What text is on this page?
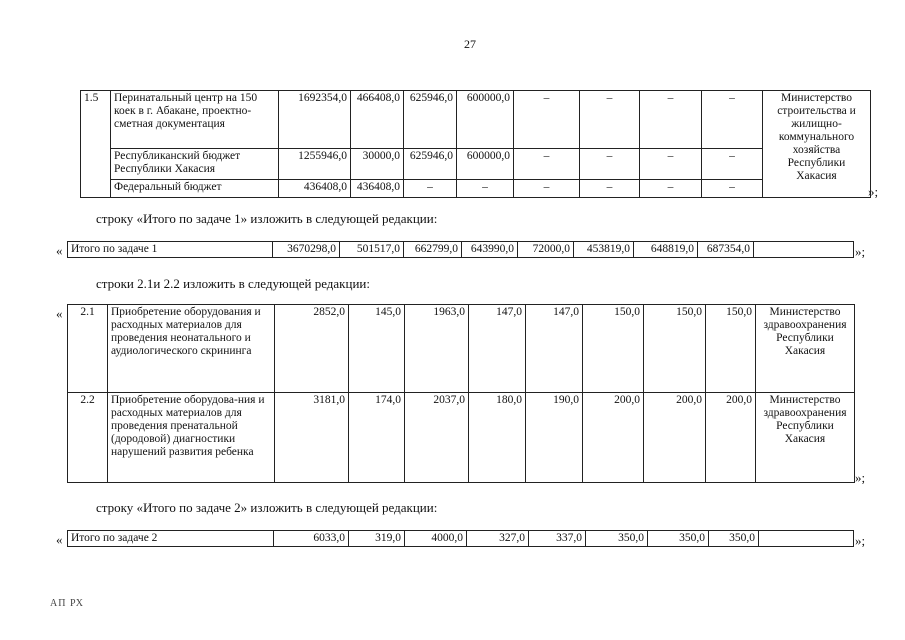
27
1.5	Перинатальный центр на 150 коек в г. Абакане, проектно-сметная документация	1692354,0	466408,0	625946,0	600000,0	–	–	–	–	Министерство строительства и жилищно-коммунального хозяйства Республики Хакасия
	Республиканский бюджет Республики Хакасия	1255946,0	30000,0	625946,0	600000,0	–	–	–	–	
	Федеральный бюджет	436408,0	436408,0	–	–	–	–	–	–		»;
строку «Итого по задаче 1» изложить в следующей редакции:
« Итого по задаче 1	3670298,0	501517,0	662799,0	643990,0	72000,0	453819,0	648819,0	687354,0		»;
строки 2.1и 2.2 изложить в следующей редакции:
« 2.1	Приобретение оборудования и расходных материалов для проведения неонатального и аудиологического скрининга	2852,0	145,0	1963,0	147,0	147,0	150,0	150,0	150,0	Министерство здравоохранения Республики Хакасия
2.2	Приобретение оборудова-ния и расходных материалов для проведения пренатальной (дородовой) диагностики нарушений развития ребенка	3181,0	174,0	2037,0	180,0	190,0	200,0	200,0	200,0	Министерство здравоохранения Республики Хакасия
»;
строку «Итого по задаче 2» изложить в следующей редакции:
« Итого по задаче 2	6033,0	319,0	4000,0	327,0	337,0	350,0	350,0	350,0		»;
АП РХ
